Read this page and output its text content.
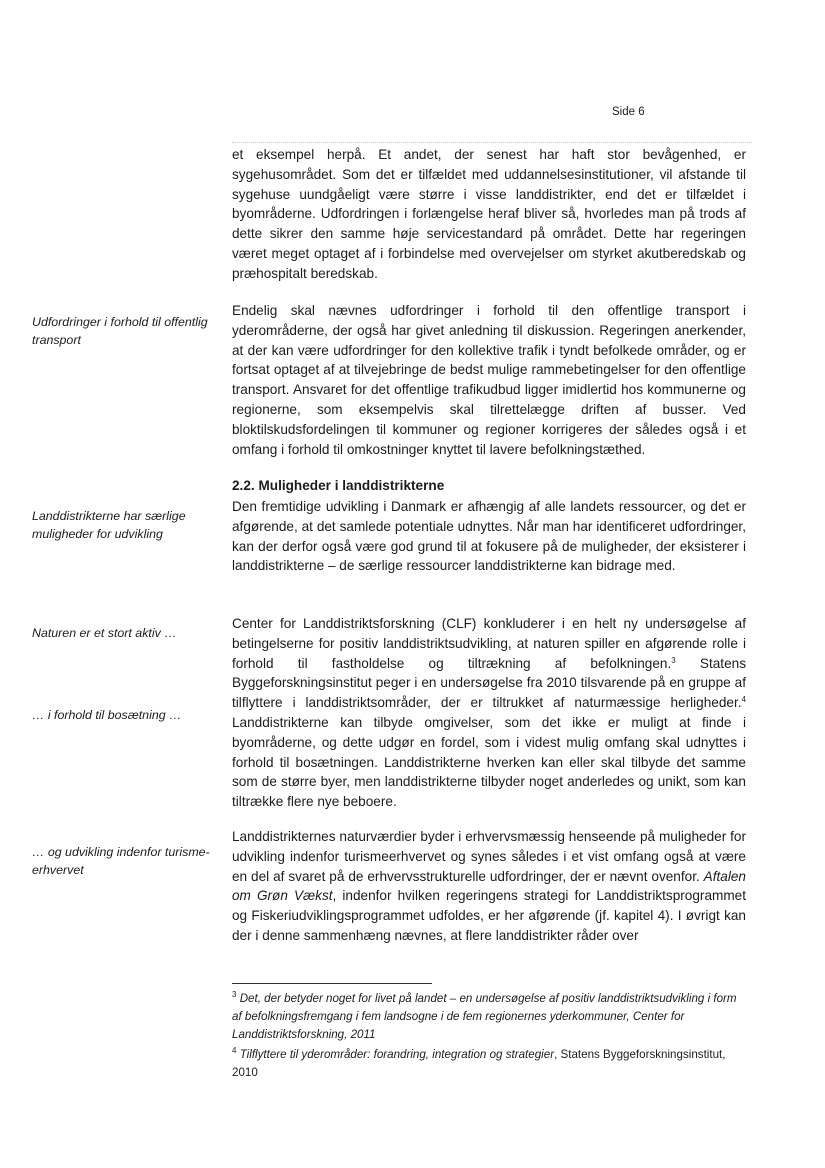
Side 6
Udfordringer i forhold til offentlig transport
Landdistrikterne har særlige muligheder for udvikling
Naturen er et stort aktiv …
… i forhold til bosætning …
… og udvikling indenfor turisme-erhvervet

et eksempel herpå. Et andet, der senest har haft stor bevågenhed, er sygehusområdet. Som det er tilfældet med uddannelsesinstitutioner, vil afstande til sygehuse uundgåeligt være større i visse landdistrikter, end det er tilfældet i byområderne. Udfordringen i forlængelse heraf bliver så, hvorledes man på trods af dette sikrer den samme høje servicestandard på området. Dette har regeringen været meget optaget af i forbindelse med overvejelser om styrket akutberedskab og præhospitalt beredskab.

Endelig skal nævnes udfordringer i forhold til den offentlige transport i yderområderne, der også har givet anledning til diskussion. Regeringen anerkender, at der kan være udfordringer for den kollektive trafik i tyndt befolkede områder, og er fortsat optaget af at tilvejebringe de bedst mulige rammebetingelser for den offentlige transport. Ansvaret for det offentlige trafikudbud ligger imidlertid hos kommunerne og regionerne, som eksempelvis skal tilrettelægge driften af busser. Ved bloktilskudsfordelingen til kommuner og regioner korrigeres der således også i et omfang i forhold til omkostninger knyttet til lavere befolkningstæthed.

2.2. Muligheder i landdistrikterne

Den fremtidige udvikling i Danmark er afhængig af alle landets ressourcer, og det er afgørende, at det samlede potentiale udnyttes. Når man har identificeret udfordringer, kan der derfor også være god grund til at fokusere på de muligheder, der eksisterer i landdistrikterne – de særlige ressourcer landdistrikterne kan bidrage med.

Center for Landdistriktsforskning (CLF) konkluderer i en helt ny undersøgelse af betingelserne for positiv landdistriktsudvikling, at naturen spiller en afgørende rolle i forhold til fastholdelse og tiltrækning af befolkningen.$^3$ Statens Byggeforskningsinstitut peger i en undersøgelse fra 2010 tilsvarende på en gruppe af tilflyttere i landdistriktsområder, der er tiltrukket af naturmæssige herligheder.$^4$ Landdistrikterne kan tilbyde omgivelser, som det ikke er muligt at finde i byområderne, og dette udgør en fordel, som i videst mulig omfang skal udnyttes i forhold til bosætningen. Landdistrikterne hverken kan eller skal tilbyde det samme som de større byer, men landdistrikterne tilbyder noget anderledes og unikt, som kan tiltrække flere nye beboere.

Landdistrikternes naturværdier byder i erhvervsmæssig henseende på muligheder for udvikling indenfor turismeerhvervet og synes således i et vist omfang også at være en del af svaret på de erhvervsstrukturelle udfordringer, der er nævnt ovenfor. Aftalen om Grøn Vækst, indenfor hvilken regeringens strategi for Landdistriktsprogrammet og Fiskeriudviklingsprogrammet udfoldes, er her afgørende (jf. kapitel 4). I øvrigt kan der i denne sammenhæng nævnes, at flere landdistrikter råder over

$^3$ Det, der betyder noget for livet på landet – en undersøgelse af positiv landdistriktsudvikling i form af befolkningsfremgang i fem landsogne i de fem regionernes yderkommuner, Center for Landdistriktsforskning, 2011

$^4$ Tilflyttere til yderområder: forandring, integration og strategier, Statens Byggeforskningsinstitut, 2010
